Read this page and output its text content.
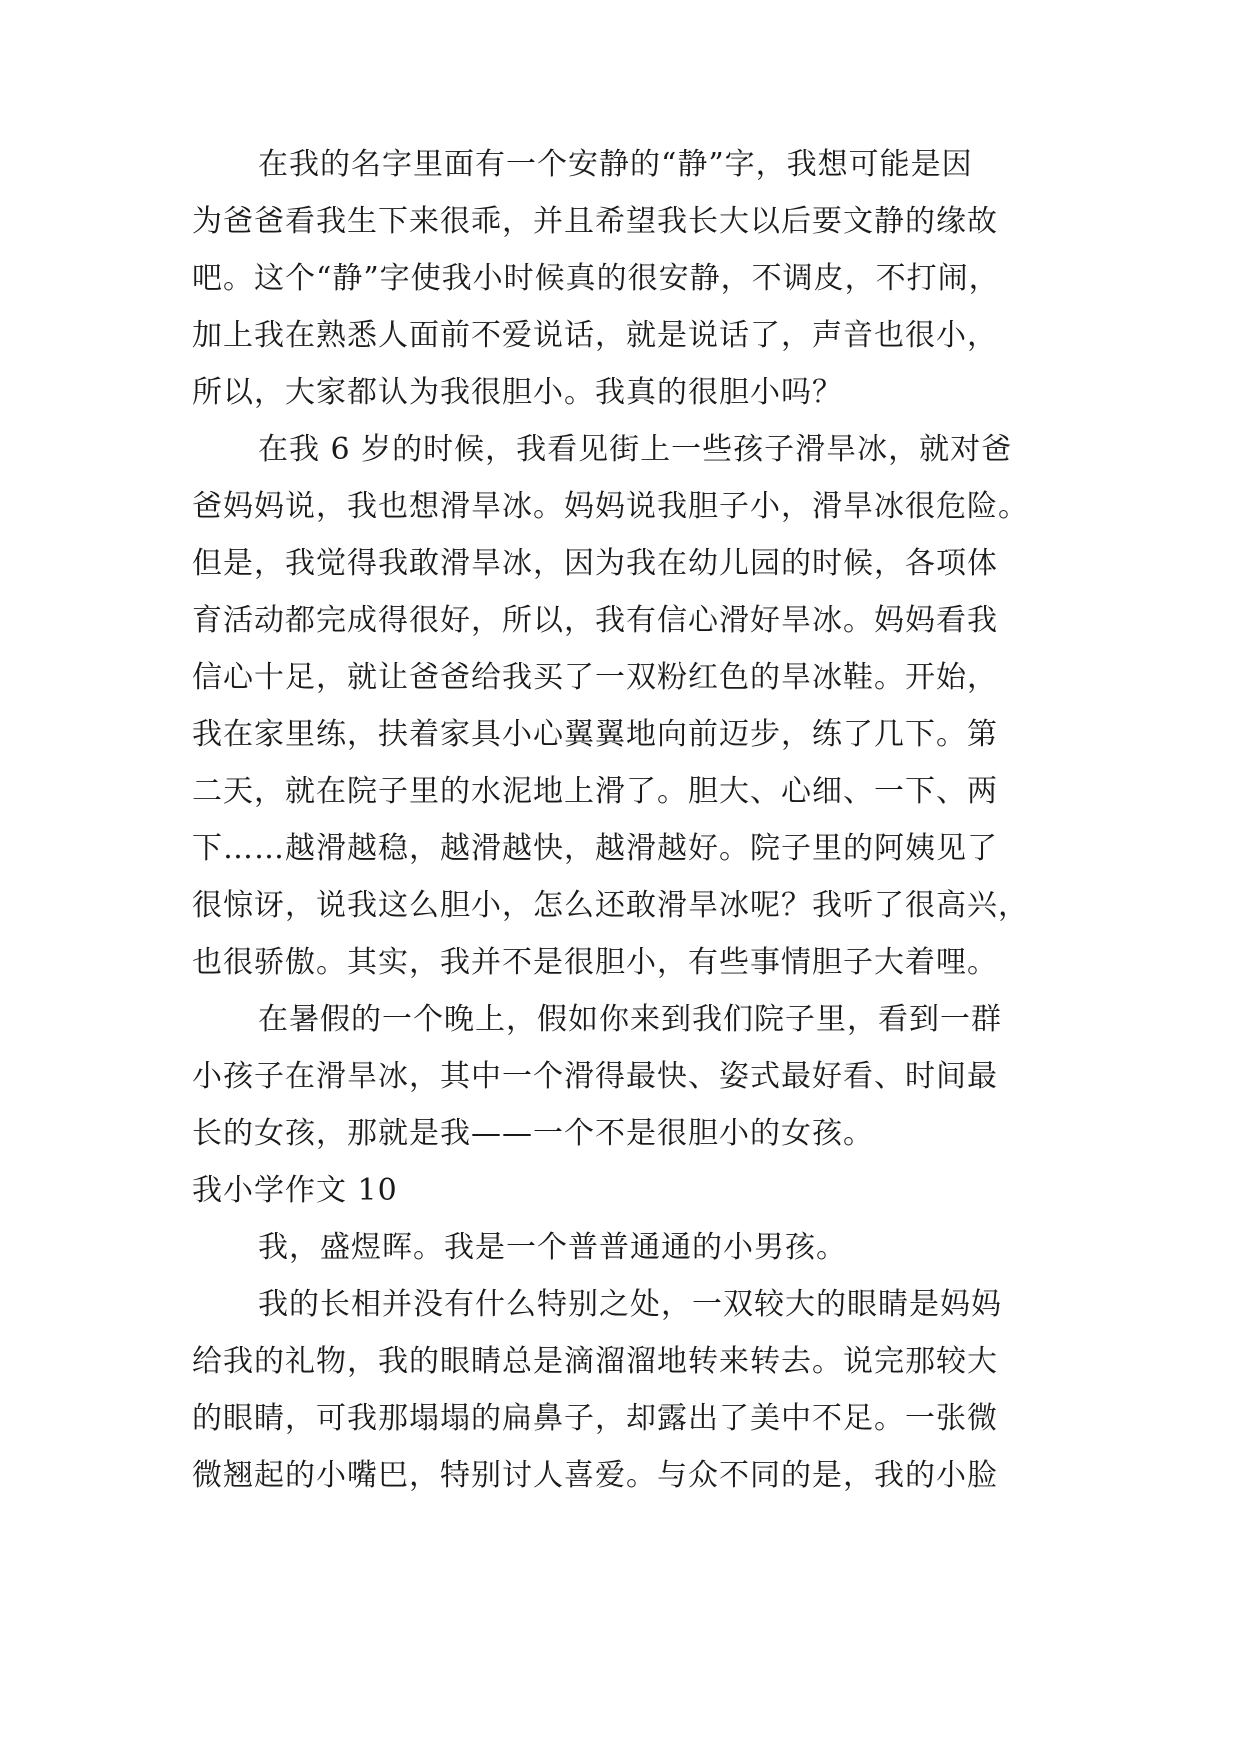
在我的名字里面有一个安静的“静”字，我想可能是因
为爸爸看我生下来很乖，并且希望我长大以后要文静的缘故
吧。这个“静”字使我小时候真的很安静，不调皮，不打闹，
加上我在熟悉人面前不爱说话，就是说话了，声音也很小，
所以，大家都认为我很胆小。我真的很胆小吗？
在我 6 岁的时候，我看见街上一些孩子滑旱冰，就对爸
爸妈妈说，我也想滑旱冰。妈妈说我胆子小，滑旱冰很危险。
但是，我觉得我敢滑旱冰，因为我在幼儿园的时候，各项体
育活动都完成得很好，所以，我有信心滑好旱冰。妈妈看我
信心十足，就让爸爸给我买了一双粉红色的旱冰鞋。开始，
我在家里练，扶着家具小心翼翼地向前迈步，练了几下。第
二天，就在院子里的水泥地上滑了。胆大、心细、一下、两
下……越滑越稳，越滑越快，越滑越好。院子里的阿姨见了
很惊讶，说我这么胆小，怎么还敢滑旱冰呢？我听了很高兴，
也很骄傲。其实，我并不是很胆小，有些事情胆子大着哩。
在暑假的一个晚上，假如你来到我们院子里，看到一群
小孩子在滑旱冰，其中一个滑得最快、姿式最好看、时间最
长的女孩，那就是我——一个不是很胆小的女孩。
我小学作文 10
我，盛煜晖。我是一个普普通通的小男孩。
我的长相并没有什么特别之处，一双较大的眼睛是妈妈
给我的礼物，我的眼睛总是滴溜溜地转来转去。说完那较大
的眼睛，可我那塌塌的扁鼻子，却露出了美中不足。一张微
微翘起的小嘴巴，特别讨人喜爱。与众不同的是，我的小脸
